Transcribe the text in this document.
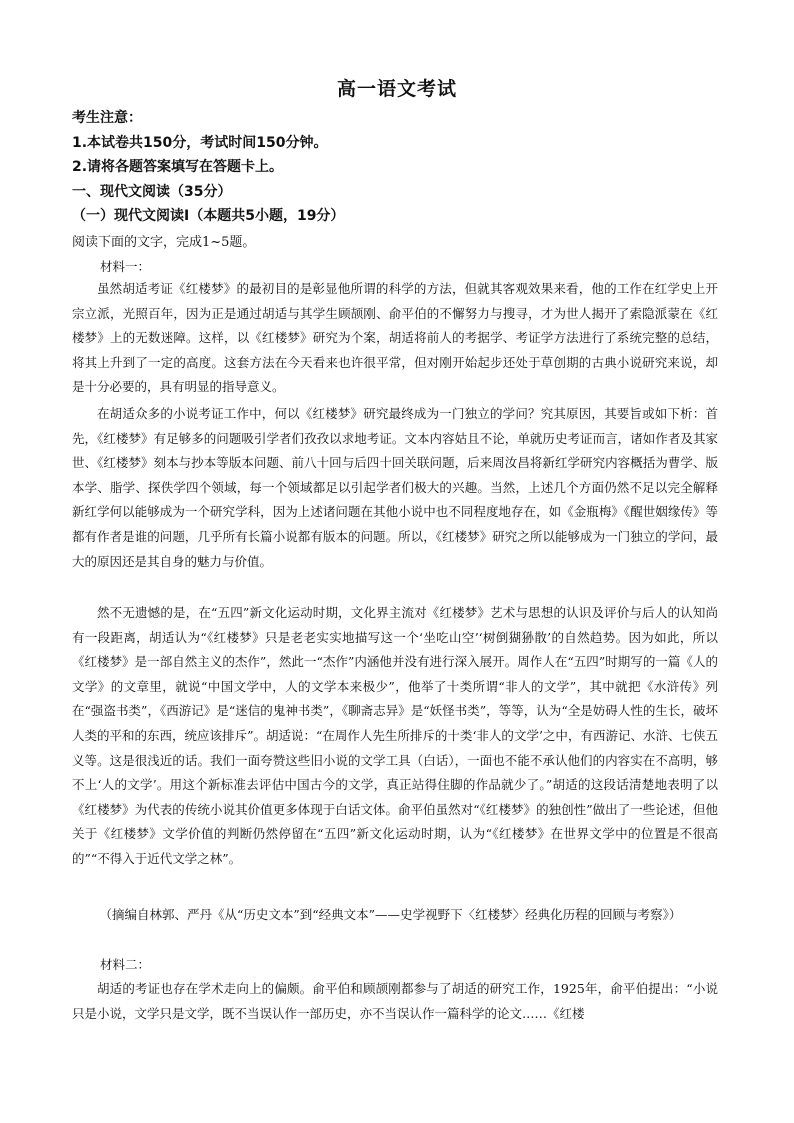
高一语文考试
考生注意：
1.本试卷共150分，考试时间150分钟。
2.请将各题答案填写在答题卡上。
一、现代文阅读（35分）
（一）现代文阅读Ⅰ（本题共5小题，19分）
阅读下面的文字，完成1~5题。
材料一：

虽然胡适考证《红楼梦》的最初目的是彰显他所谓的科学的方法，但就其客观效果来看，他的工作在红学史上开宗立派，光照百年，因为正是通过胡适与其学生顾颉刚、俞平伯的不懈努力与搜寻，才为世人揭开了索隐派蒙在《红楼梦》上的无数迷障。这样，以《红楼梦》研究为个案，胡适将前人的考据学、考证学方法进行了系统完整的总结，将其上升到了一定的高度。这套方法在今天看来也许很平常，但对刚开始起步还处于草创期的古典小说研究来说，却是十分必要的，具有明显的指导意义。

在胡适众多的小说考证工作中，何以《红楼梦》研究最终成为一门独立的学问？究其原因，其要旨或如下析：首先，《红楼梦》有足够多的问题吸引学者们孜孜以求地考证。文本内容姑且不论，单就历史考证而言，诸如作者及其家世、《红楼梦》刻本与抄本等版本问题、前八十回与后四十回关联问题，后来周汝昌将新红学研究内容概括为曹学、版本学、脂学、探佚学四个领域，每一个领域都足以引起学者们极大的兴趣。当然，上述几个方面仍然不足以完全解释新红学何以能够成为一个研究学科，因为上述诸问题在其他小说中也不同程度地存在，如《金瓶梅》《醒世姻缘传》等都有作者是谁的问题，几乎所有长篇小说都有版本的问题。所以，《红楼梦》研究之所以能够成为一门独立的学问，最大的原因还是其自身的魅力与价值。

然不无遗憾的是，在“五四”新文化运动时期，文化界主流对《红楼梦》艺术与思想的认识及评价与后人的认知尚有一段距离，胡适认为“《红楼梦》只是老老实实地描写这一个‘坐吃山空’‘树倒猢狲散’的自然趋势。因为如此，所以《红楼梦》是一部自然主义的杰作”，然此一“杰作”内涵他并没有进行深入展开。周作人在“五四”时期写的一篇《人的文学》的文章里，就说“中国文学中，人的文学本来极少”，他举了十类所谓“非人的文学”，其中就把《水浒传》列在“强盗书类”，《西游记》是“迷信的鬼神书类”，《聊斋志异》是“妖怪书类”，等等，认为“全是妨碍人性的生长，破坏人类的平和的东西，统应该排斥”。胡适说：“在周作人先生所排斥的十类‘非人的文学’之中，有西游记、水浒、七侠五义等。这是很浅近的话。我们一面夸赞这些旧小说的文学工具（白话），一面也不能不承认他们的内容实在不高明，够不上‘人的文学’。用这个新标准去评估中国古今的文学，真正站得住脚的作品就少了。”胡适的这段话清楚地表明了以《红楼梦》为代表的传统小说其价值更多体现于白话文体。俞平伯虽然对“《红楼梦》的独创性”做出了一些论述，但他关于《红楼梦》文学价值的判断仍然停留在“五四”新文化运动时期，认为“《红楼梦》在世界文学中的位置是不很高的”“不得入于近代文学之林”。

（摘编自林郭、严丹《从“历史文本”到“经典文本”——史学视野下〈红楼梦〉经典化历程的回顾与考察》）

材料二：

胡适的考证也存在学术走向上的偏颇。俞平伯和顾颉刚都参与了胡适的研究工作，1925年，俞平伯提出：“小说只是小说，文学只是文学，既不当误认作一部历史，亦不当误认作一篇科学的论文……《红楼
